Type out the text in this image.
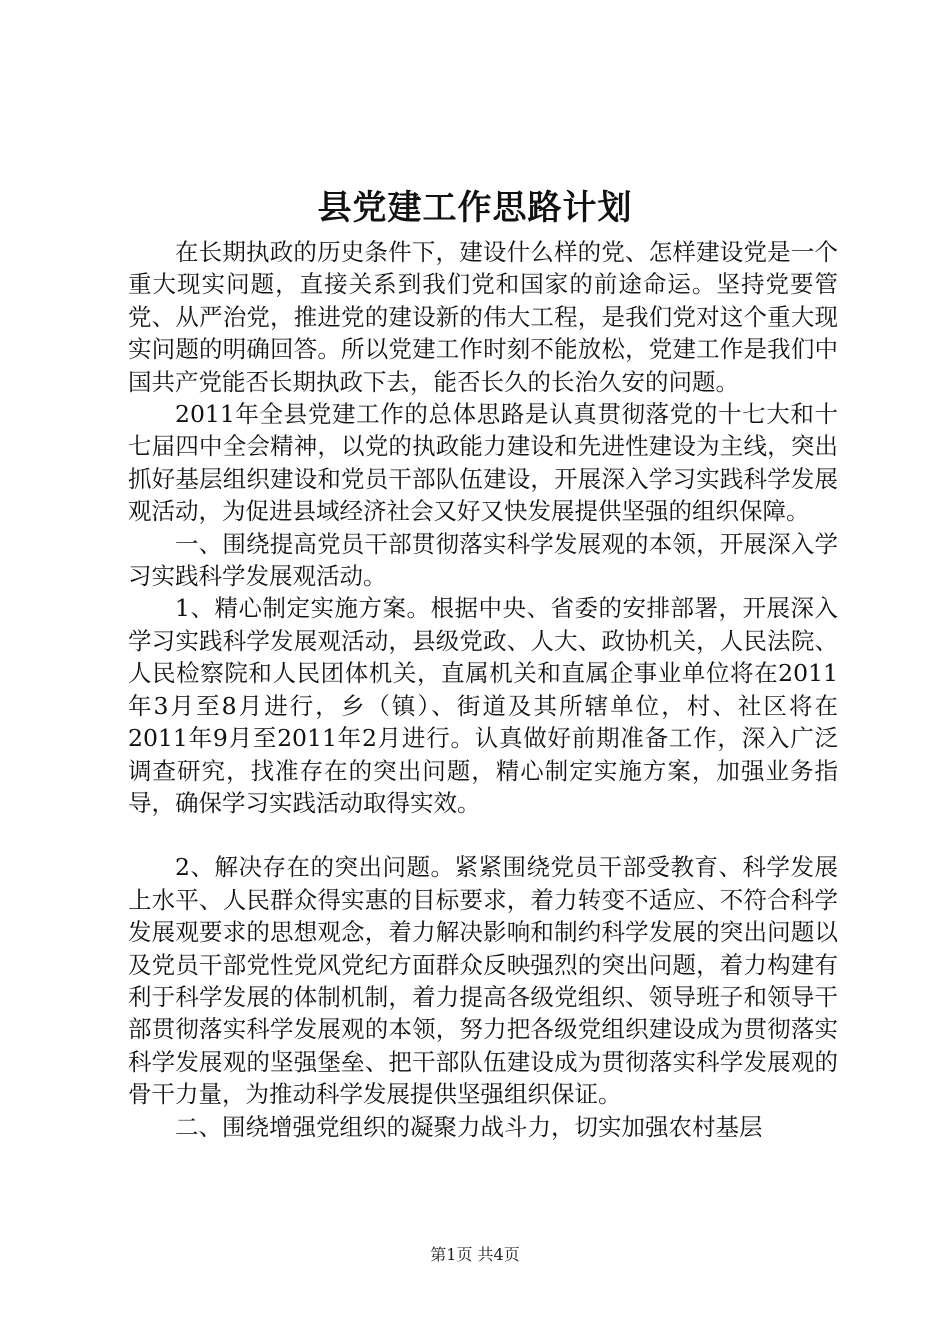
县党建工作思路计划

在长期执政的历史条件下，建设什么样的党、怎样建设党是一个重大现实问题，直接关系到我们党和国家的前途命运。坚持党要管党、从严治党，推进党的建设新的伟大工程，是我们党对这个重大现实问题的明确回答。所以党建工作时刻不能放松，党建工作是我们中国共产党能否长期执政下去，能否长久的长治久安的问题。

2011年全县党建工作的总体思路是认真贯彻落党的十七大和十七届四中全会精神，以党的执政能力建设和先进性建设为主线，突出抓好基层组织建设和党员干部队伍建设，开展深入学习实践科学发展观活动，为促进县域经济社会又好又快发展提供坚强的组织保障。

一、围绕提高党员干部贯彻落实科学发展观的本领，开展深入学习实践科学发展观活动。

1、精心制定实施方案。根据中央、省委的安排部署，开展深入学习实践科学发展观活动，县级党政、人大、政协机关，人民法院、人民检察院和人民团体机关，直属机关和直属企事业单位将在2011年3月至8月进行，乡（镇）、街道及其所辖单位，村、社区将在2011年9月至2011年2月进行。认真做好前期准备工作，深入广泛调查研究，找准存在的突出问题，精心制定实施方案，加强业务指导，确保学习实践活动取得实效。

2、解决存在的突出问题。紧紧围绕党员干部受教育、科学发展上水平、人民群众得实惠的目标要求，着力转变不适应、不符合科学发展观要求的思想观念，着力解决影响和制约科学发展的突出问题以及党员干部党性党风党纪方面群众反映强烈的突出问题，着力构建有利于科学发展的体制机制，着力提高各级党组织、领导班子和领导干部贯彻落实科学发展观的本领，努力把各级党组织建设成为贯彻落实科学发展观的坚强堡垒、把干部队伍建设成为贯彻落实科学发展观的骨干力量，为推动科学发展提供坚强组织保证。

二、围绕增强党组织的凝聚力战斗力，切实加强农村基层

第1页 共4页
